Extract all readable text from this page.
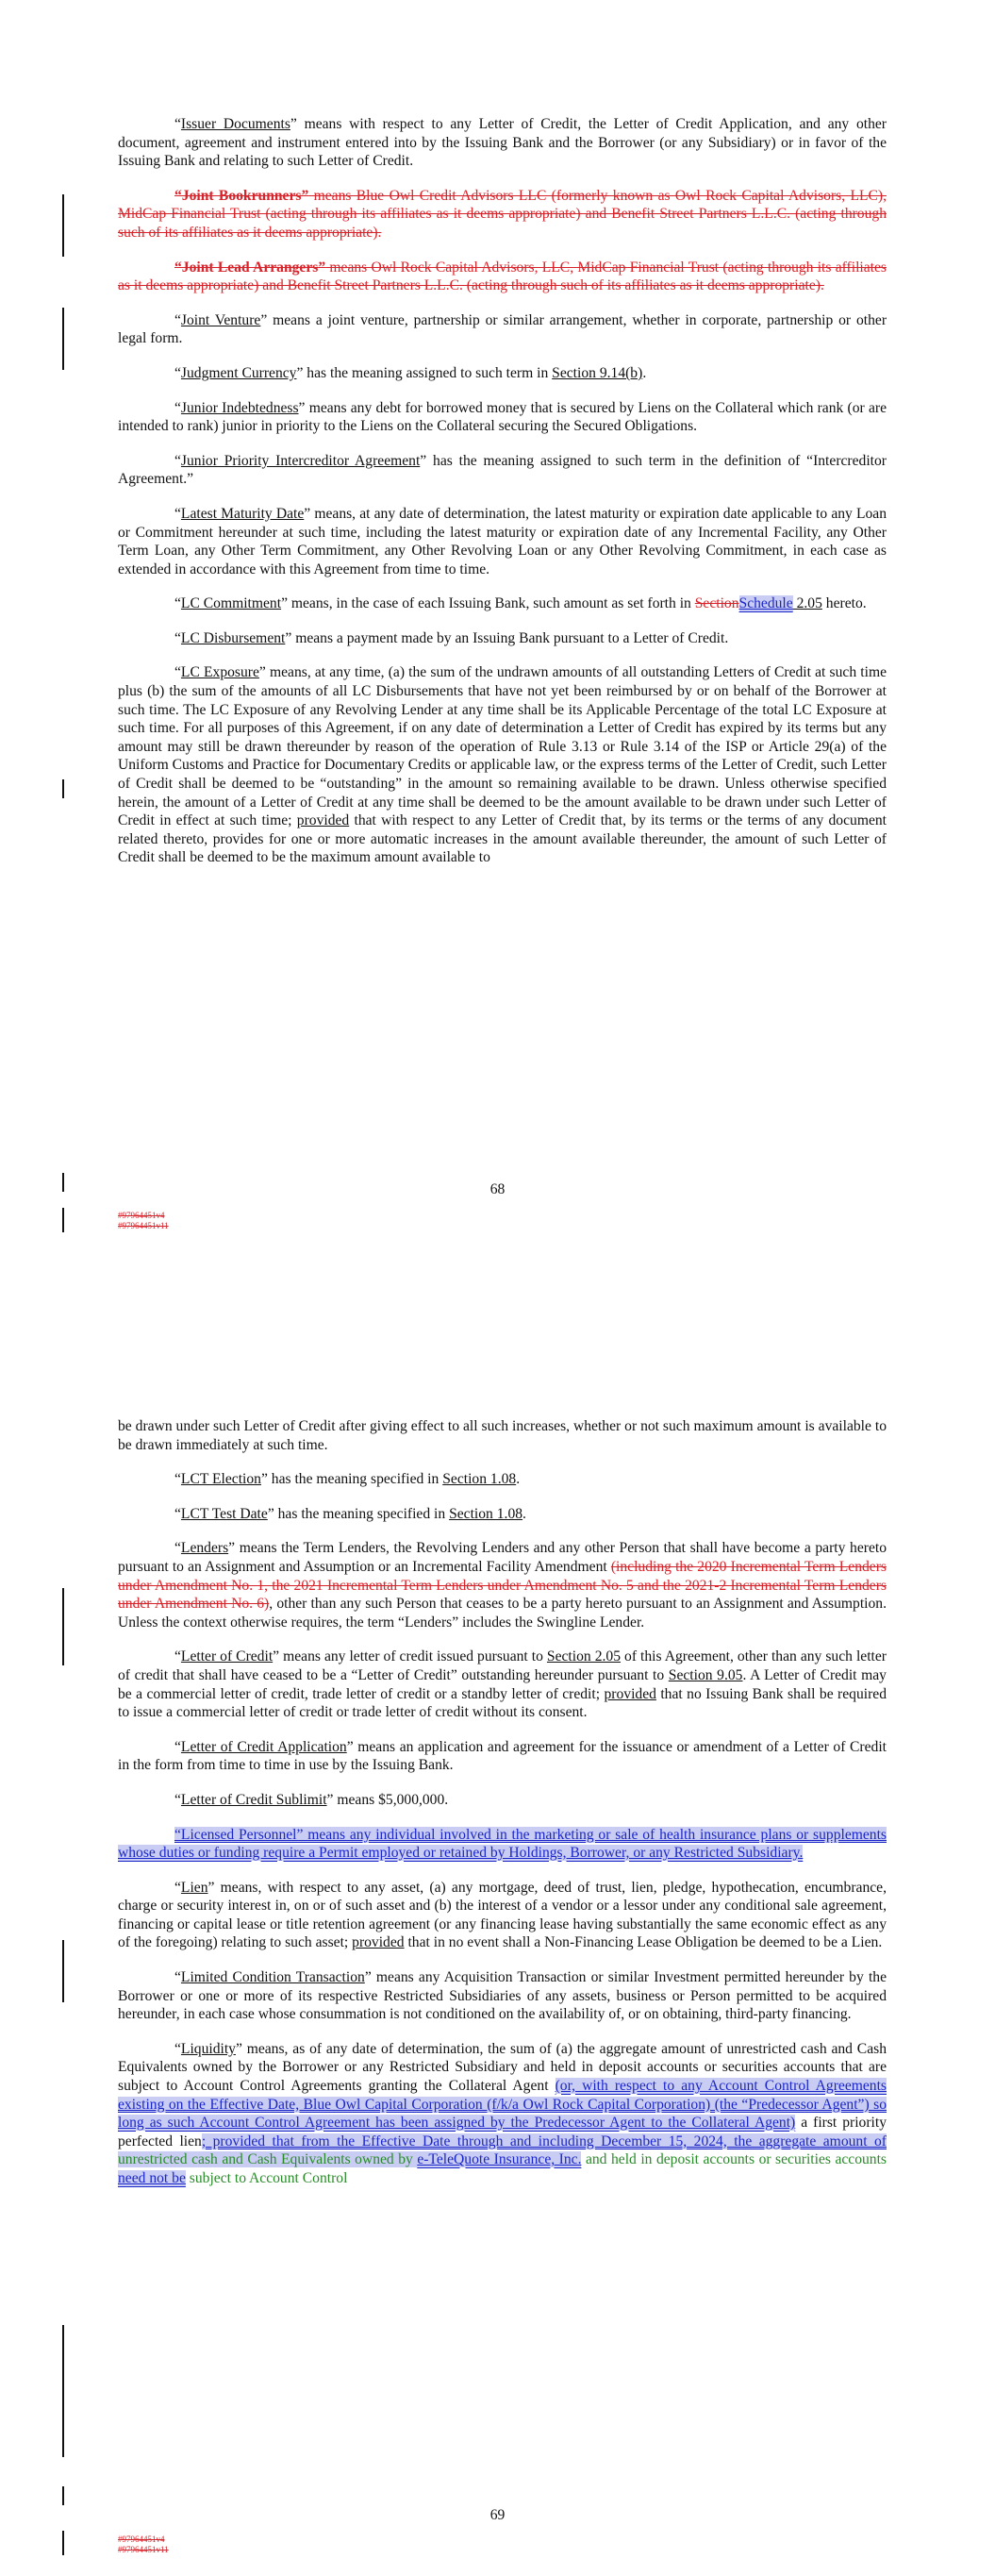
“Issuer Documents” means with respect to any Letter of Credit, the Letter of Credit Application, and any other document, agreement and instrument entered into by the Issuing Bank and the Borrower (or any Subsidiary) or in favor of the Issuing Bank and relating to such Letter of Credit.

“Joint Bookrunners” means Blue Owl Credit Advisors LLC (formerly known as Owl Rock Capital Advisors, LLC), MidCap Financial Trust (acting through its affiliates as it deems appropriate) and Benefit Street Partners L.L.C. (acting through such of its affiliates as it deems appropriate).

“Joint Lead Arrangers” means Owl Rock Capital Advisors, LLC, MidCap Financial Trust (acting through its affiliates as it deems appropriate) and Benefit Street Partners L.L.C. (acting through such of its affiliates as it deems appropriate).

“Joint Venture” means a joint venture, partnership or similar arrangement, whether in corporate, partnership or other legal form.

“Judgment Currency” has the meaning assigned to such term in Section 9.14(b).

“Junior Indebtedness” means any debt for borrowed money that is secured by Liens on the Collateral which rank (or are intended to rank) junior in priority to the Liens on the Collateral securing the Secured Obligations.

“Junior Priority Intercreditor Agreement” has the meaning assigned to such term in the definition of “Intercreditor Agreement.”

“Latest Maturity Date” means, at any date of determination, the latest maturity or expiration date applicable to any Loan or Commitment hereunder at such time, including the latest maturity or expiration date of any Incremental Facility, any Other Term Loan, any Other Term Commitment, any Other Revolving Loan or any Other Revolving Commitment, in each case as extended in accordance with this Agreement from time to time.

“LC Commitment” means, in the case of each Issuing Bank, such amount as set forth in SectionSchedule 2.05 hereto.

“LC Disbursement” means a payment made by an Issuing Bank pursuant to a Letter of Credit.

“LC Exposure” means, at any time, (a) the sum of the undrawn amounts of all outstanding Letters of Credit at such time plus (b) the sum of the amounts of all LC Disbursements that have not yet been reimbursed by or on behalf of the Borrower at such time. The LC Exposure of any Revolving Lender at any time shall be its Applicable Percentage of the total LC Exposure at such time. For all purposes of this Agreement, if on any date of determination a Letter of Credit has expired by its terms but any amount may still be drawn thereunder by reason of the operation of Rule 3.13 or Rule 3.14 of the ISP or Article 29(a) of the Uniform Customs and Practice for Documentary Credits or applicable law, or the express terms of the Letter of Credit, such Letter of Credit shall be deemed to be “outstanding” in the amount so remaining available to be drawn. Unless otherwise specified herein, the amount of a Letter of Credit at any time shall be deemed to be the amount available to be drawn under such Letter of Credit in effect at such time; provided that with respect to any Letter of Credit that, by its terms or the terms of any document related thereto, provides for one or more automatic increases in the amount available thereunder, the amount of such Letter of Credit shall be deemed to be the maximum amount available to

68
#97964451v4
#97964451v11

be drawn under such Letter of Credit after giving effect to all such increases, whether or not such maximum amount is available to be drawn immediately at such time.

“LCT Election” has the meaning specified in Section 1.08.

“LCT Test Date” has the meaning specified in Section 1.08.

“Lenders” means the Term Lenders, the Revolving Lenders and any other Person that shall have become a party hereto pursuant to an Assignment and Assumption or an Incremental Facility Amendment (including the 2020 Incremental Term Lenders under Amendment No. 1, the 2021 Incremental Term Lenders under Amendment No. 5 and the 2021-2 Incremental Term Lenders under Amendment No. 6), other than any such Person that ceases to be a party hereto pursuant to an Assignment and Assumption. Unless the context otherwise requires, the term “Lenders” includes the Swingline Lender.

“Letter of Credit” means any letter of credit issued pursuant to Section 2.05 of this Agreement, other than any such letter of credit that shall have ceased to be a “Letter of Credit” outstanding hereunder pursuant to Section 9.05. A Letter of Credit may be a commercial letter of credit, trade letter of credit or a standby letter of credit; provided that no Issuing Bank shall be required to issue a commercial letter of credit or trade letter of credit without its consent.

“Letter of Credit Application” means an application and agreement for the issuance or amendment of a Letter of Credit in the form from time to time in use by the Issuing Bank.

“Letter of Credit Sublimit” means $5,000,000.

“Licensed Personnel” means any individual involved in the marketing or sale of health insurance plans or supplements whose duties or funding require a Permit employed or retained by Holdings, Borrower, or any Restricted Subsidiary.

“Lien” means, with respect to any asset, (a) any mortgage, deed of trust, lien, pledge, hypothecation, encumbrance, charge or security interest in, on or of such asset and (b) the interest of a vendor or a lessor under any conditional sale agreement, financing or capital lease or title retention agreement (or any financing lease having substantially the same economic effect as any of the foregoing) relating to such asset; provided that in no event shall a Non-Financing Lease Obligation be deemed to be a Lien.

“Limited Condition Transaction” means any Acquisition Transaction or similar Investment permitted hereunder by the Borrower or one or more of its respective Restricted Subsidiaries of any assets, business or Person permitted to be acquired hereunder, in each case whose consummation is not conditioned on the availability of, or on obtaining, third-party financing.

“Liquidity” means, as of any date of determination, the sum of (a) the aggregate amount of unrestricted cash and Cash Equivalents owned by the Borrower or any Restricted Subsidiary and held in deposit accounts or securities accounts that are subject to Account Control Agreements granting the Collateral Agent (or, with respect to any Account Control Agreements existing on the Effective Date, Blue Owl Capital Corporation (f/k/a Owl Rock Capital Corporation) (the “Predecessor Agent”) so long as such Account Control Agreement has been assigned by the Predecessor Agent to the Collateral Agent) a first priority perfected lien; provided that from the Effective Date through and including December 15, 2024, the aggregate amount of unrestricted cash and Cash Equivalents owned by e-TeleQuote Insurance, Inc. and held in deposit accounts or securities accounts need not be subject to Account Control

69
#97964451v4
#97964451v11
